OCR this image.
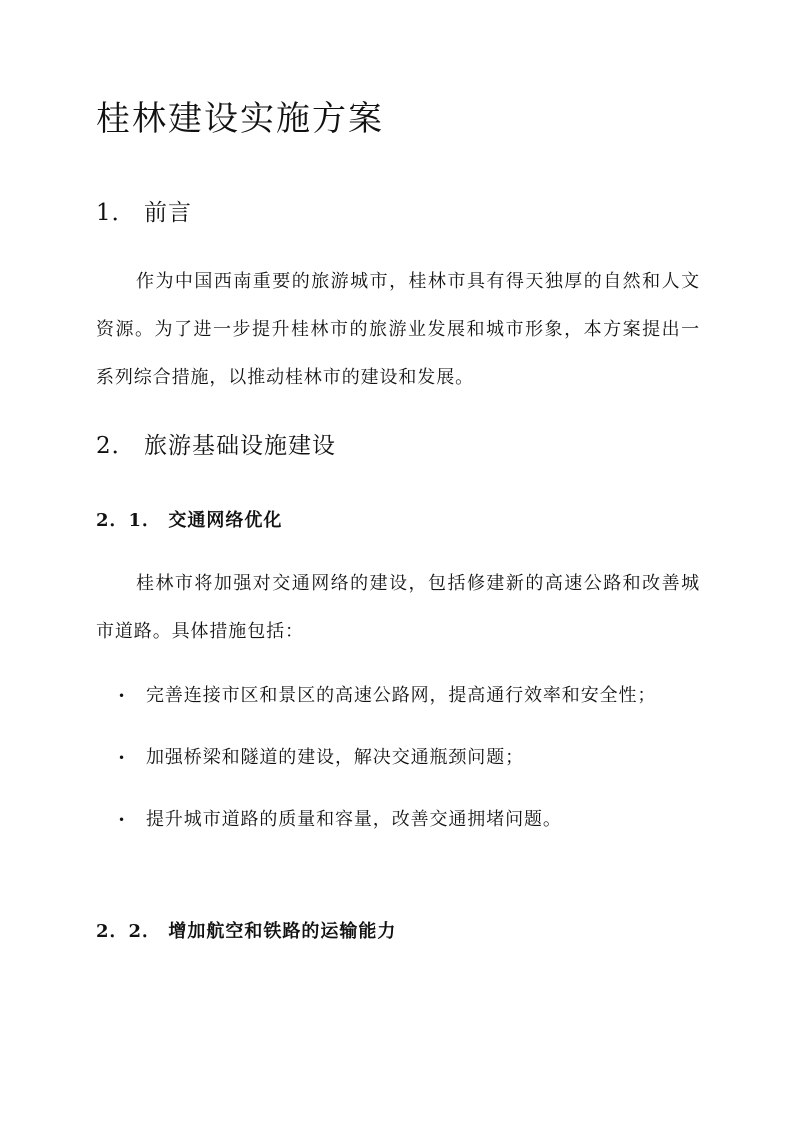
桂林建设实施方案
1． 前言

作为中国西南重要的旅游城市，桂林市具有得天独厚的自然和人文资源。为了进一步提升桂林市的旅游业发展和城市形象，本方案提出一系列综合措施，以推动桂林市的建设和发展。

2． 旅游基础设施建设
2．1． 交通网络优化

桂林市将加强对交通网络的建设，包括修建新的高速公路和改善城市道路。具体措施包括：

• 完善连接市区和景区的高速公路网，提高通行效率和安全性；
• 加强桥梁和隧道的建设，解决交通瓶颈问题；
• 提升城市道路的质量和容量，改善交通拥堵问题。
2．2． 增加航空和铁路的运输能力
